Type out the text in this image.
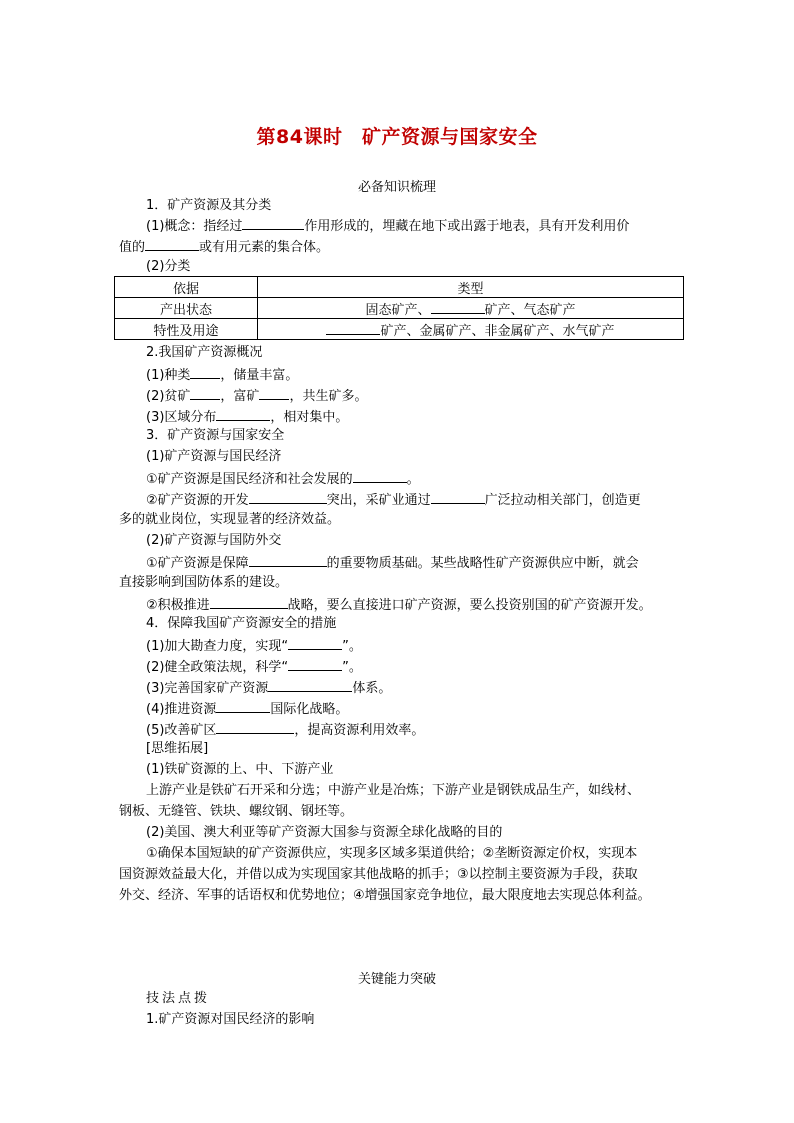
第84课时　矿产资源与国家安全
必备知识梳理
1．矿产资源及其分类
(1)概念：指经过	作用形成的，埋藏在地下或出露于地表，具有开发利用价
值的	或有用元素的集合体。
(2)分类
依据	类型
产出状态	固态矿产、 矿产、气态矿产
特性及用途	矿产、金属矿产、非金属矿产、水气矿产
2.我国矿产资源概况
(1)种类 ，储量丰富。
(2)贫矿 ，富矿 ，共生矿多。
(3)区域分布	，相对集中。
3．矿产资源与国家安全
(1)矿产资源与国民经济
①矿产资源是国民经济和社会发展的	。
②矿产资源的开发	突出，采矿业通过	广泛拉动相关部门，创造更
多的就业岗位，实现显著的经济效益。
(2)矿产资源与国防外交
①矿产资源是保障	的重要物质基础。某些战略性矿产资源供应中断，就会
直接影响到国防体系的建设。
②积极推进	战略，要么直接进口矿产资源，要么投资别国的矿产资源开发。
4．保障我国矿产资源安全的措施
(1)加大勘查力度，实现“	”。
(2)健全政策法规，科学“	”。
(3)完善国家矿产资源	体系。
(4)推进资源	国际化战略。
(5)改善矿区	，提高资源利用效率。
[思维拓展]
(1)铁矿资源的上、中、下游产业
上游产业是铁矿石开采和分选；中游产业是冶炼；下游产业是钢铁成品生产，如线材、
钢板、无缝管、铁块、螺纹钢、钢坯等。
(2)美国、澳大利亚等矿产资源大国参与资源全球化战略的目的
①确保本国短缺的矿产资源供应，实现多区域多渠道供给；②垄断资源定价权，实现本
国资源效益最大化，并借以成为实现国家其他战略的抓手；③以控制主要资源为手段，获取
外交、经济、军事的话语权和优势地位；④增强国家竞争地位，最大限度地去实现总体利益。
关键能力突破
技法点拨
1.矿产资源对国民经济的影响
